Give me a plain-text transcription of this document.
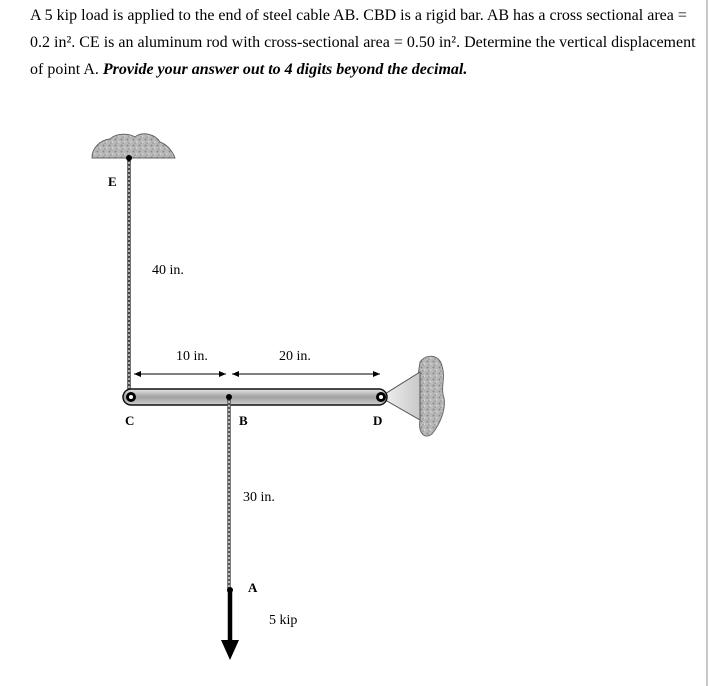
A 5 kip load is applied to the end of steel cable AB. CBD is a rigid bar. AB has a cross sectional area = 0.2 in². CE is an aluminum rod with cross-sectional area = 0.50 in². Determine the vertical displacement of point A. Provide your answer out to 4 digits beyond the decimal.

E
C	B	D
A
40 in.
10 in.	20 in.
30 in.
5 kip
